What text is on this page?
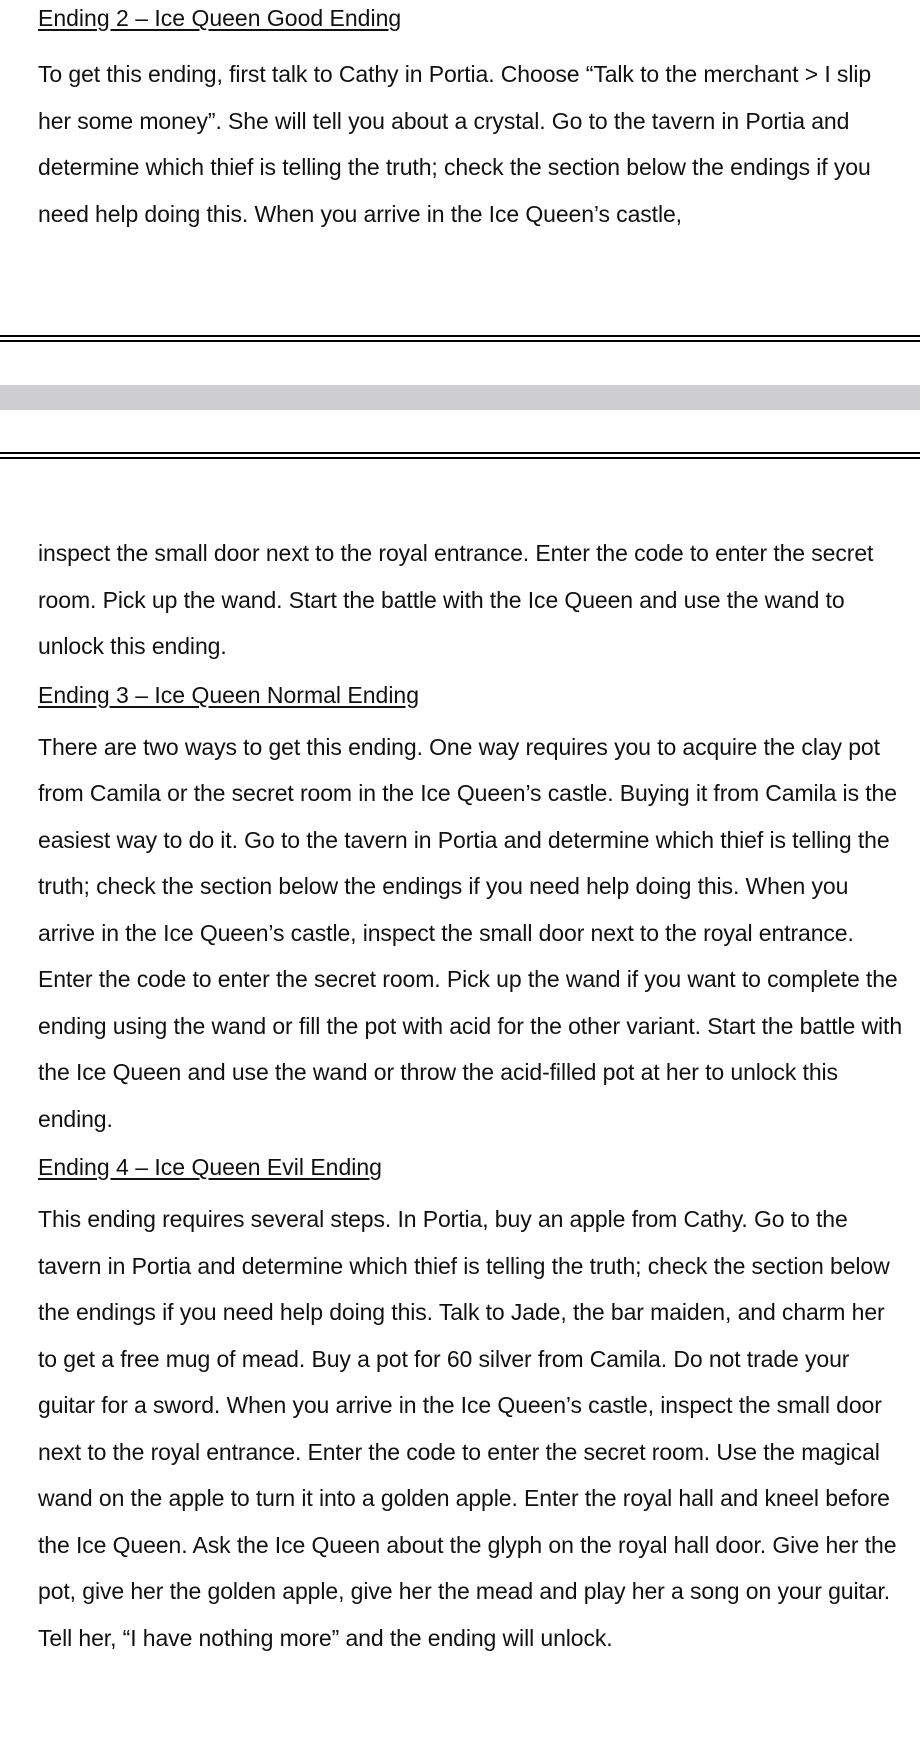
Ending 2 – Ice Queen Good Ending

To get this ending, first talk to Cathy in Portia. Choose “Talk to the merchant > I slip her some money”. She will tell you about a crystal. Go to the tavern in Portia and determine which thief is telling the truth; check the section below the endings if you need help doing this. When you arrive in the Ice Queen’s castle,

inspect the small door next to the royal entrance. Enter the code to enter the secret room. Pick up the wand. Start the battle with the Ice Queen and use the wand to unlock this ending.

Ending 3 – Ice Queen Normal Ending

There are two ways to get this ending. One way requires you to acquire the clay pot from Camila or the secret room in the Ice Queen’s castle. Buying it from Camila is the easiest way to do it. Go to the tavern in Portia and determine which thief is telling the truth; check the section below the endings if you need help doing this. When you arrive in the Ice Queen’s castle, inspect the small door next to the royal entrance. Enter the code to enter the secret room. Pick up the wand if you want to complete the ending using the wand or fill the pot with acid for the other variant. Start the battle with the Ice Queen and use the wand or throw the acid-filled pot at her to unlock this ending.

Ending 4 – Ice Queen Evil Ending

This ending requires several steps. In Portia, buy an apple from Cathy. Go to the tavern in Portia and determine which thief is telling the truth; check the section below the endings if you need help doing this. Talk to Jade, the bar maiden, and charm her to get a free mug of mead. Buy a pot for 60 silver from Camila. Do not trade your guitar for a sword. When you arrive in the Ice Queen’s castle, inspect the small door next to the royal entrance. Enter the code to enter the secret room. Use the magical wand on the apple to turn it into a golden apple. Enter the royal hall and kneel before the Ice Queen. Ask the Ice Queen about the glyph on the royal hall door. Give her the pot, give her the golden apple, give her the mead and play her a song on your guitar. Tell her, “I have nothing more” and the ending will unlock.
